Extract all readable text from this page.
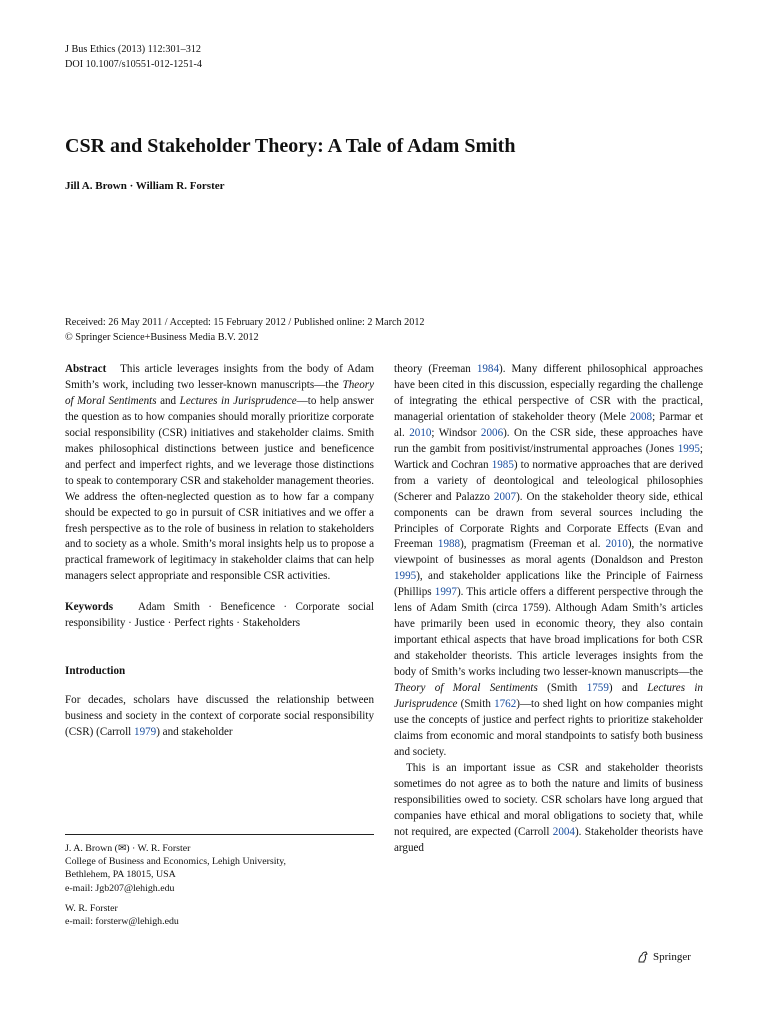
J Bus Ethics (2013) 112:301–312
DOI 10.1007/s10551-012-1251-4
CSR and Stakeholder Theory: A Tale of Adam Smith
Jill A. Brown · William R. Forster
Received: 26 May 2011 / Accepted: 15 February 2012 / Published online: 2 March 2012
© Springer Science+Business Media B.V. 2012

Abstract This article leverages insights from the body of Adam Smith’s work, including two lesser-known manuscripts—the Theory of Moral Sentiments and Lectures in Jurisprudence—to help answer the question as to how companies should morally prioritize corporate social responsibility (CSR) initiatives and stakeholder claims. Smith makes philosophical distinctions between justice and beneficence and perfect and imperfect rights, and we leverage those distinctions to speak to contemporary CSR and stakeholder management theories. We address the often-neglected question as to how far a company should be expected to go in pursuit of CSR initiatives and we offer a fresh perspective as to the role of business in relation to stakeholders and to society as a whole. Smith’s moral insights help us to propose a practical framework of legitimacy in stakeholder claims that can help managers select appropriate and responsible CSR activities.

Keywords Adam Smith · Beneficence · Corporate social responsibility · Justice · Perfect rights · Stakeholders

Introduction

For decades, scholars have discussed the relationship between business and society in the context of corporate social responsibility (CSR) (Carroll 1979) and stakeholder

J. A. Brown (✉) · W. R. Forster

College of Business and Economics, Lehigh University,

Bethlehem, PA 18015, USA

e-mail: Jgb207@lehigh.edu

W. R. Forster

e-mail: forsterw@lehigh.edu

theory (Freeman 1984). Many different philosophical approaches have been cited in this discussion, especially regarding the challenge of integrating the ethical perspective of CSR with the practical, managerial orientation of stakeholder theory (Mele 2008; Parmar et al. 2010; Windsor 2006). On the CSR side, these approaches have run the gambit from positivist/instrumental approaches (Jones 1995; Wartick and Cochran 1985) to normative approaches that are derived from a variety of deontological and teleological philosophies (Scherer and Palazzo 2007). On the stakeholder theory side, ethical components can be drawn from several sources including the Principles of Corporate Rights and Corporate Effects (Evan and Freeman 1988), pragmatism (Freeman et al. 2010), the normative viewpoint of businesses as moral agents (Donaldson and Preston 1995), and stakeholder applications like the Principle of Fairness (Phillips 1997). This article offers a different perspective through the lens of Adam Smith (circa 1759). Although Adam Smith’s articles have primarily been used in economic theory, they also contain important ethical aspects that have broad implications for both CSR and stakeholder theorists. This article leverages insights from the body of Smith’s works including two lesser-known manuscripts—the Theory of Moral Sentiments (Smith 1759) and Lectures in Jurisprudence (Smith 1762)—to shed light on how companies might use the concepts of justice and perfect rights to prioritize stakeholder claims from economic and moral standpoints to satisfy both business and society.

This is an important issue as CSR and stakeholder theorists sometimes do not agree as to both the nature and limits of business responsibilities owed to society. CSR scholars have long argued that companies have ethical and moral obligations to society that, while not required, are expected (Carroll 2004). Stakeholder theorists have argued

Springer
